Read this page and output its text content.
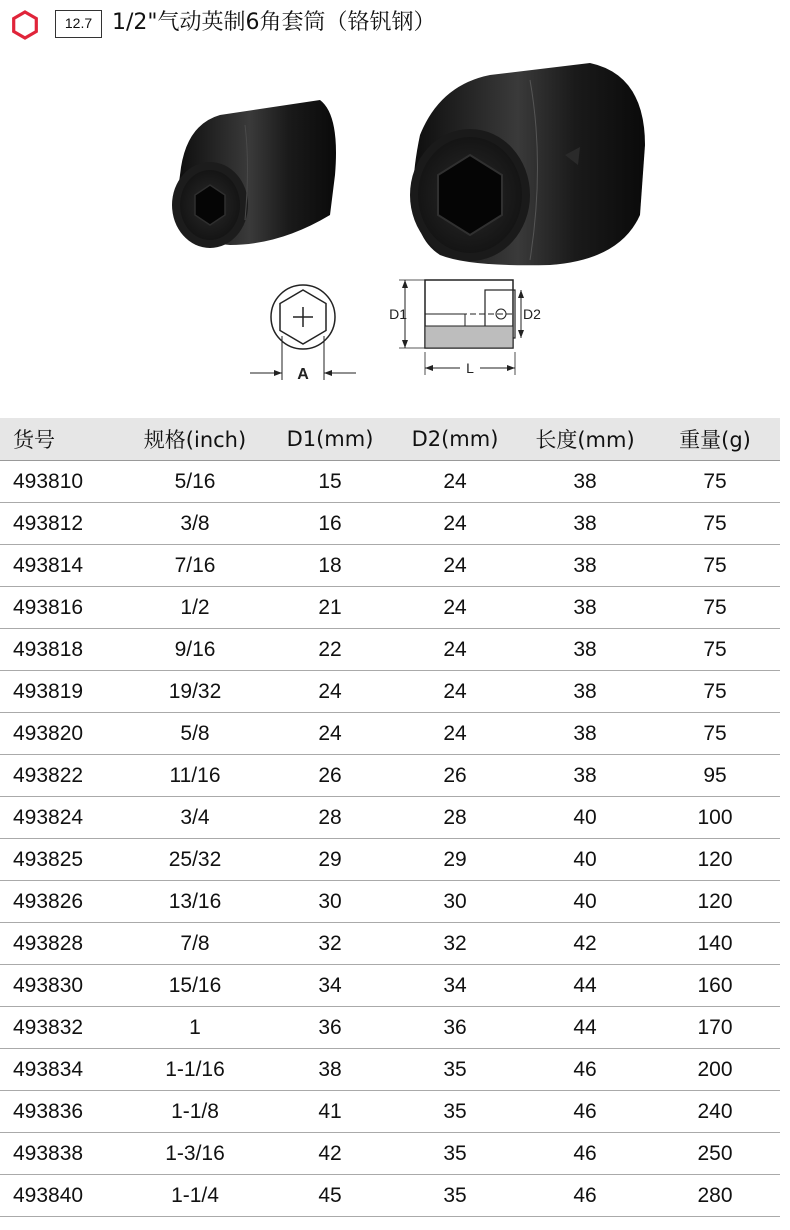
12.7 1/2"气动英制6角套筒（铬钒钢）
A
D1	D2
L
货号	规格(inch)	D1(mm)	D2(mm)	长度(mm)	重量(g)
493810	5/16	15	24	38	75
493812	3/8	16	24	38	75
493814	7/16	18	24	38	75
493816	1/2	21	24	38	75
493818	9/16	22	24	38	75
493819	19/32	24	24	38	75
493820	5/8	24	24	38	75
493822	11/16	26	26	38	95
493824	3/4	28	28	40	100
493825	25/32	29	29	40	120
493826	13/16	30	30	40	120
493828	7/8	32	32	42	140
493830	15/16	34	34	44	160
493832	1	36	36	44	170
493834	1-1/16	38	35	46	200
493836	1-1/8	41	35	46	240
493838	1-3/16	42	35	46	250
493840	1-1/4	45	35	46	280
